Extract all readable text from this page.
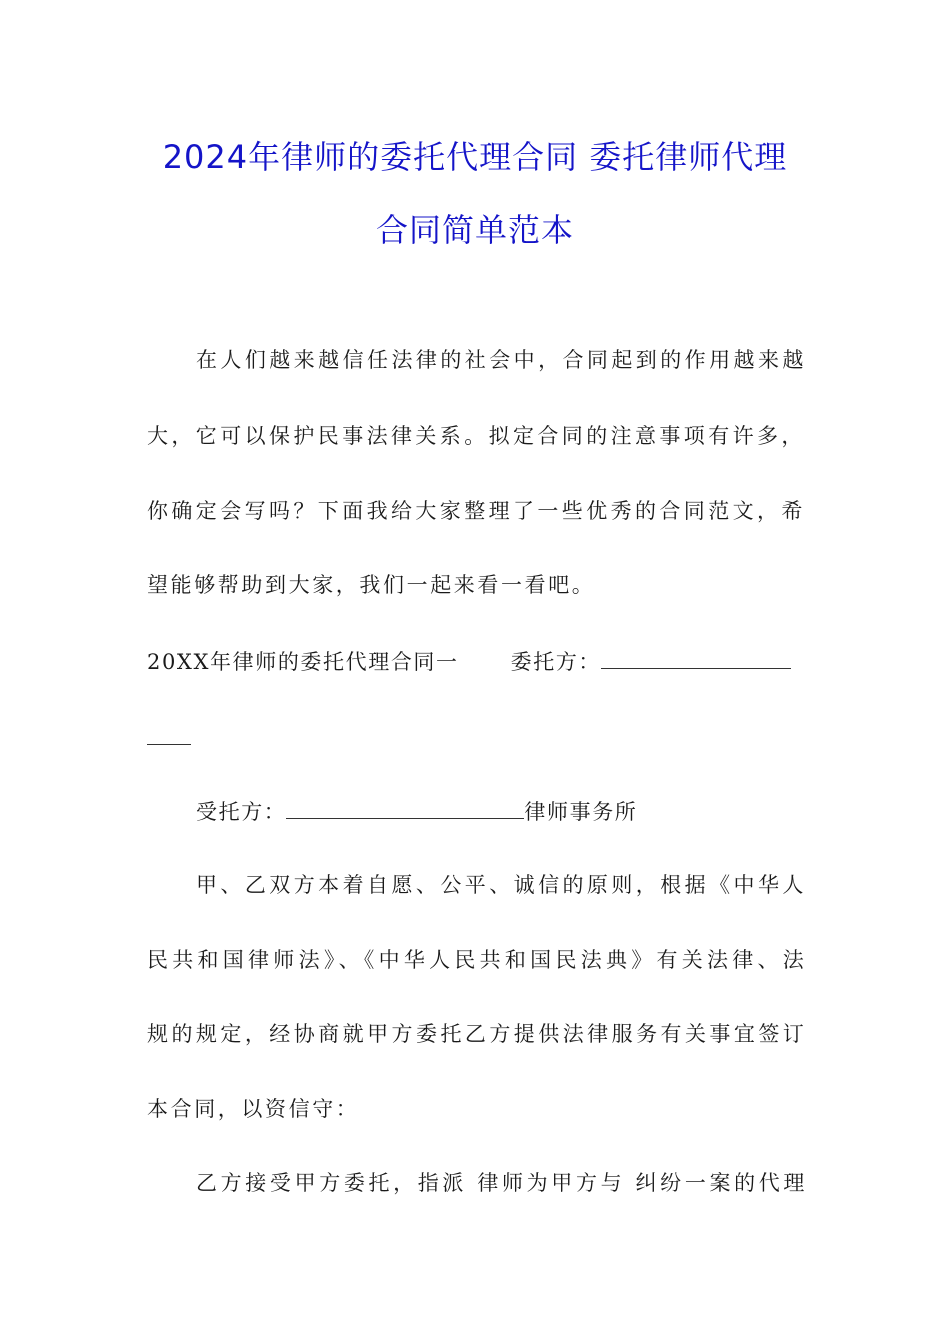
2024年律师的委托代理合同 委托律师代理
合同简单范本
在人们越来越信任法律的社会中，合同起到的作用越来越
大，它可以保护民事法律关系。拟定合同的注意事项有许多，
你确定会写吗？下面我给大家整理了一些优秀的合同范文，希
望能够帮助到大家，我们一起来看一看吧。
20XX年律师的委托代理合同一 委托方：
受托方：	律师事务所
甲、乙双方本着自愿、公平、诚信的原则，根据《中华人
民共和国律师法》、《中华人民共和国民法典》有关法律、法
规的规定，经协商就甲方委托乙方提供法律服务有关事宜签订
本合同，以资信守：
乙方接受甲方委托，指派 律师为甲方与 纠纷一案的代理
